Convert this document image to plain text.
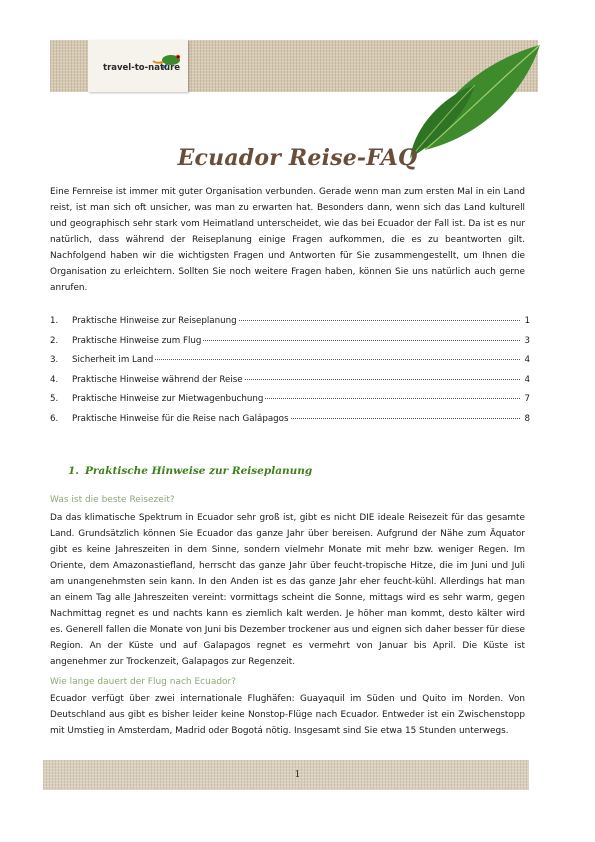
travel-to-nature
Ecuador Reise-FAQ

Eine Fernreise ist immer mit guter Organisation verbunden. Gerade wenn man zum ersten Mal in ein Land reist, ist man sich oft unsicher, was man zu erwarten hat. Besonders dann, wenn sich das Land kulturell und geographisch sehr stark vom Heimatland unterscheidet, wie das bei Ecuador der Fall ist. Da ist es nur natürlich, dass während der Reiseplanung einige Fragen aufkommen, die es zu beantworten gilt. Nachfolgend haben wir die wichtigsten Fragen und Antworten für Sie zusammengestellt, um Ihnen die Organisation zu erleichtern. Sollten Sie noch weitere Fragen haben, können Sie uns natürlich auch gerne anrufen.

1.	Praktische Hinweise zur Reiseplanung	1
2.	Praktische Hinweise zum Flug	3
3.	Sicherheit im Land	4
4.	Praktische Hinweise während der Reise	4
5.	Praktische Hinweise zur Mietwagenbuchung	7
6.	Praktische Hinweise für die Reise nach Galápagos	8
1. Praktische Hinweise zur Reiseplanung
Was ist die beste Reisezeit?

Da das klimatische Spektrum in Ecuador sehr groß ist, gibt es nicht DIE ideale Reisezeit für das gesamte Land. Grundsätzlich können Sie Ecuador das ganze Jahr über bereisen. Aufgrund der Nähe zum Äquator gibt es keine Jahreszeiten in dem Sinne, sondern vielmehr Monate mit mehr bzw. weniger Regen. Im Oriente, dem Amazonastiefland, herrscht das ganze Jahr über feucht-tropische Hitze, die im Juni und Juli am unangenehmsten sein kann. In den Anden ist es das ganze Jahr eher feucht-kühl. Allerdings hat man an einem Tag alle Jahreszeiten vereint: vormittags scheint die Sonne, mittags wird es sehr warm, gegen Nachmittag regnet es und nachts kann es ziemlich kalt werden. Je höher man kommt, desto kälter wird es. Generell fallen die Monate von Juni bis Dezember trockener aus und eignen sich daher besser für diese Region. An der Küste und auf Galapagos regnet es vermehrt von Januar bis April. Die Küste ist angenehmer zur Trockenzeit, Galapagos zur Regenzeit.

Wie lange dauert der Flug nach Ecuador?

Ecuador verfügt über zwei internationale Flughäfen: Guayaquil im Süden und Quito im Norden. Von Deutschland aus gibt es bisher leider keine Nonstop-Flüge nach Ecuador. Entweder ist ein Zwischenstopp mit Umstieg in Amsterdam, Madrid oder Bogotá nötig. Insgesamt sind Sie etwa 15 Stunden unterwegs.

1
